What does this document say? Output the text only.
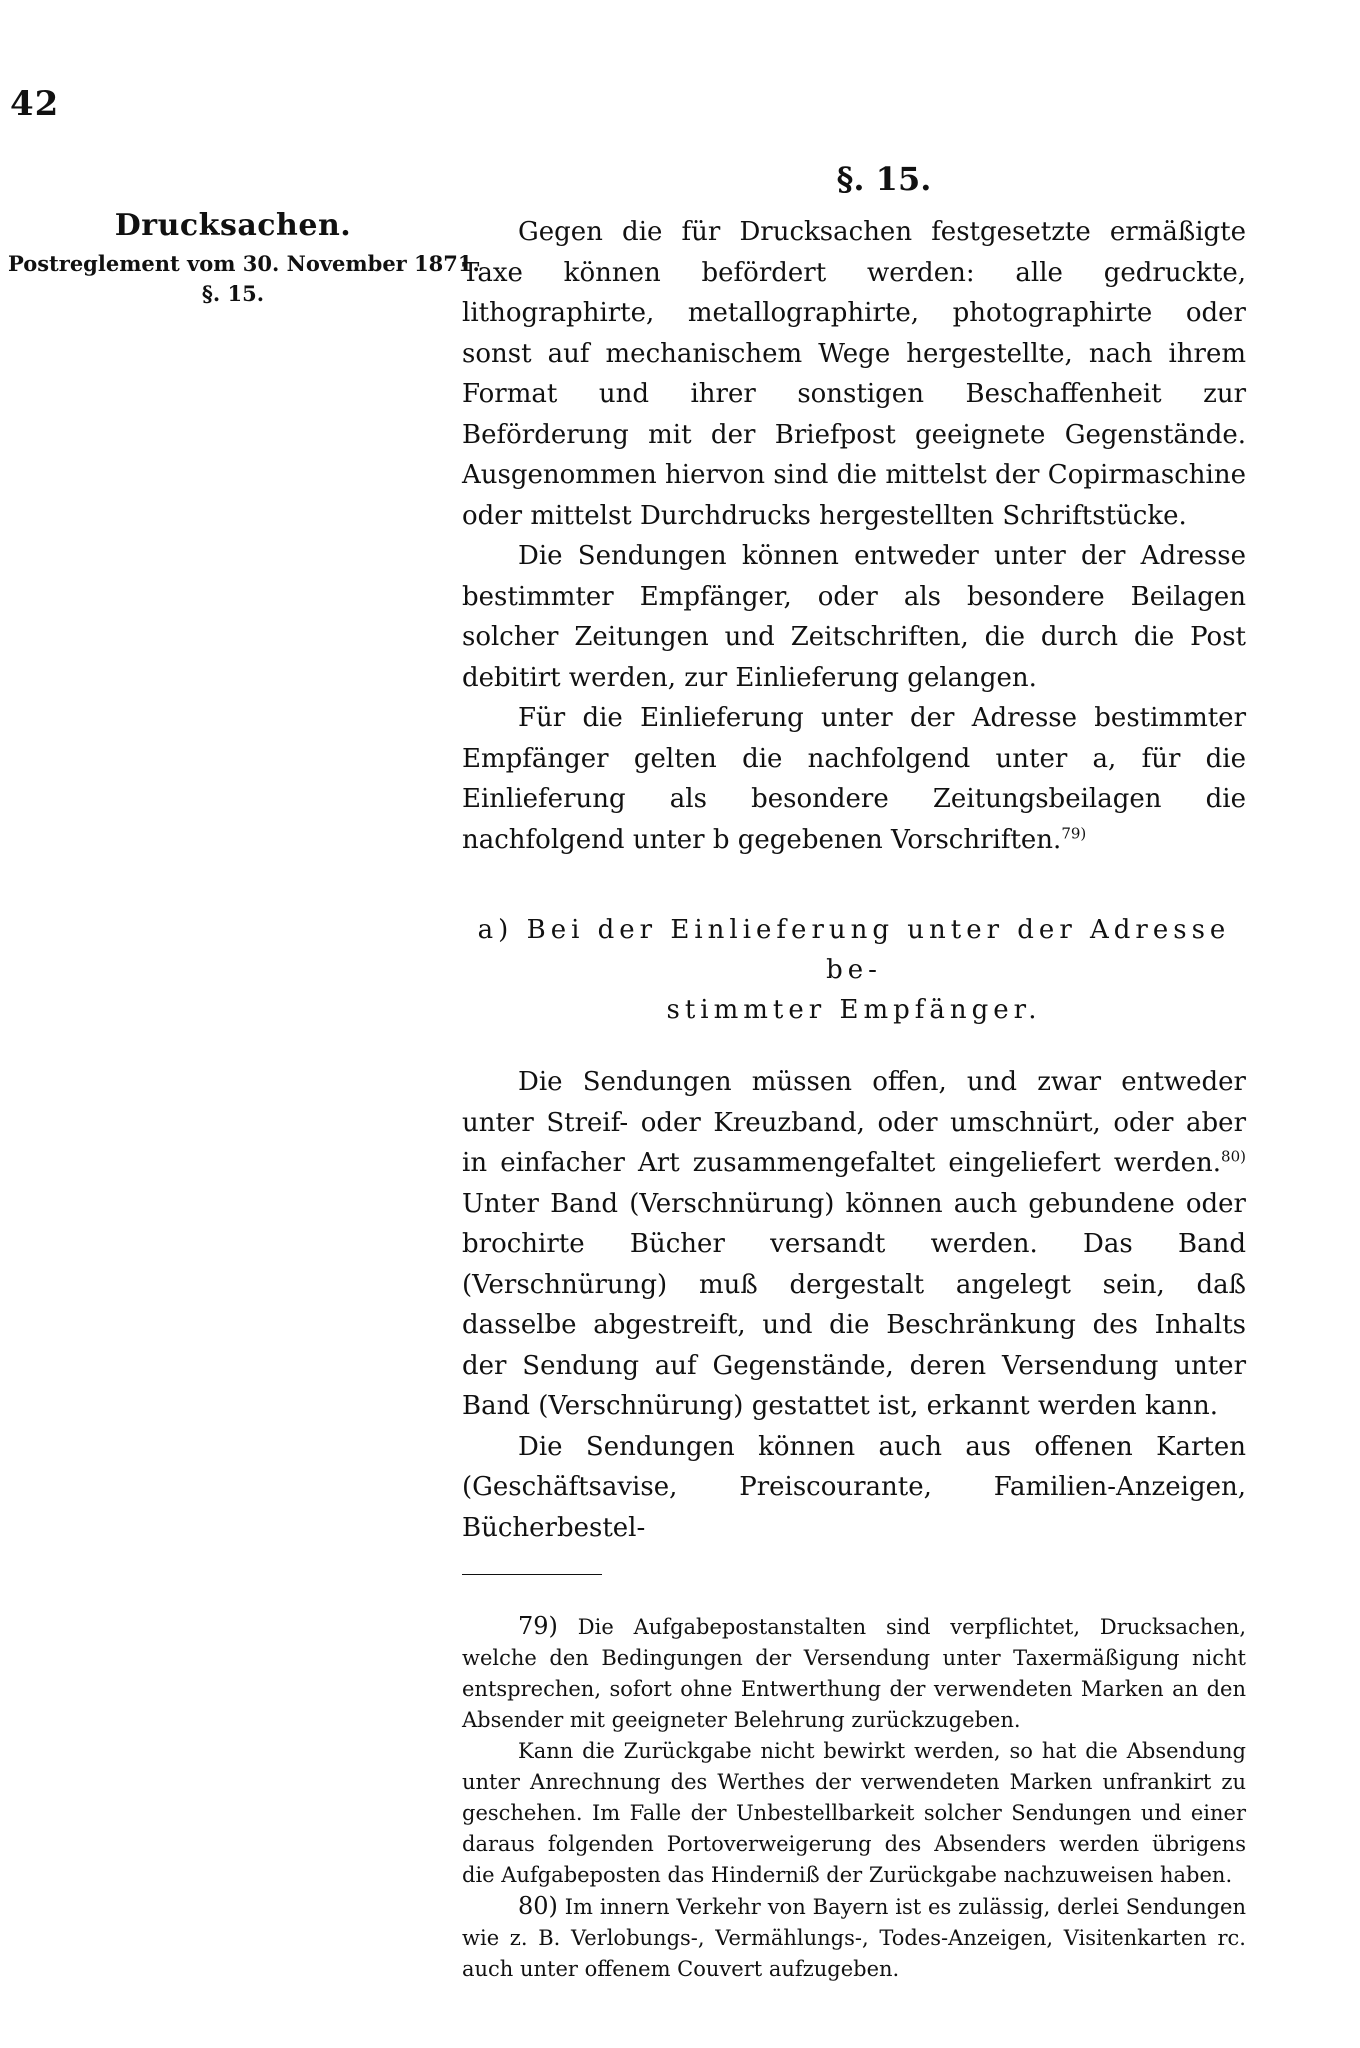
42

Drucksachen.

Postreglement vom 30. November 1871.

§. 15.

§. 15.

Gegen die für Drucksachen festgesetzte ermäßigte Taxe können befördert werden: alle gedruckte, lithographirte, metallographirte, photographirte oder sonst auf mechanischem Wege hergestellte, nach ihrem Format und ihrer sonstigen Beschaffenheit zur Beförderung mit der Briefpost geeignete Gegenstände. Ausgenommen hiervon sind die mittelst der Copirmaschine oder mittelst Durchdrucks hergestellten Schriftstücke.

Die Sendungen können entweder unter der Adresse bestimmter Empfänger, oder als besondere Beilagen solcher Zeitungen und Zeitschriften, die durch die Post debitirt werden, zur Einlieferung gelangen.

Für die Einlieferung unter der Adresse bestimmter Empfänger gelten die nachfolgend unter a, für die Einlieferung als besondere Zeitungsbeilagen die nachfolgend unter b gegebenen Vorschriften.$^{79)}$

a) Bei der Einlieferung unter der Adresse be-
stimmter Empfänger.

Die Sendungen müssen offen, und zwar entweder unter Streif- oder Kreuzband, oder umschnürt, oder aber in einfacher Art zusammengefaltet eingeliefert werden.$^{80)}$ Unter Band (Verschnürung) können auch gebundene oder brochirte Bücher versandt werden. Das Band (Verschnürung) muß dergestalt angelegt sein, daß dasselbe abgestreift, und die Beschränkung des Inhalts der Sendung auf Gegenstände, deren Versendung unter Band (Verschnürung) gestattet ist, erkannt werden kann.

Die Sendungen können auch aus offenen Karten (Geschäftsavise, Preiscourante, Familien-Anzeigen, Bücherbestel-

79) Die Aufgabepostanstalten sind verpflichtet, Drucksachen, welche den Bedingungen der Versendung unter Taxermäßigung nicht entsprechen, sofort ohne Entwerthung der verwendeten Marken an den Absender mit geeigneter Belehrung zurückzugeben.

Kann die Zurückgabe nicht bewirkt werden, so hat die Absendung unter Anrechnung des Werthes der verwendeten Marken unfrankirt zu geschehen. Im Falle der Unbestellbarkeit solcher Sendungen und einer daraus folgenden Portoverweigerung des Absenders werden übrigens die Aufgabeposten das Hinderniß der Zurückgabe nachzuweisen haben.

80) Im innern Verkehr von Bayern ist es zulässig, derlei Sendungen wie z. B. Verlobungs-, Vermählungs-, Todes-Anzeigen, Visitenkarten rc. auch unter offenem Couvert aufzugeben.
